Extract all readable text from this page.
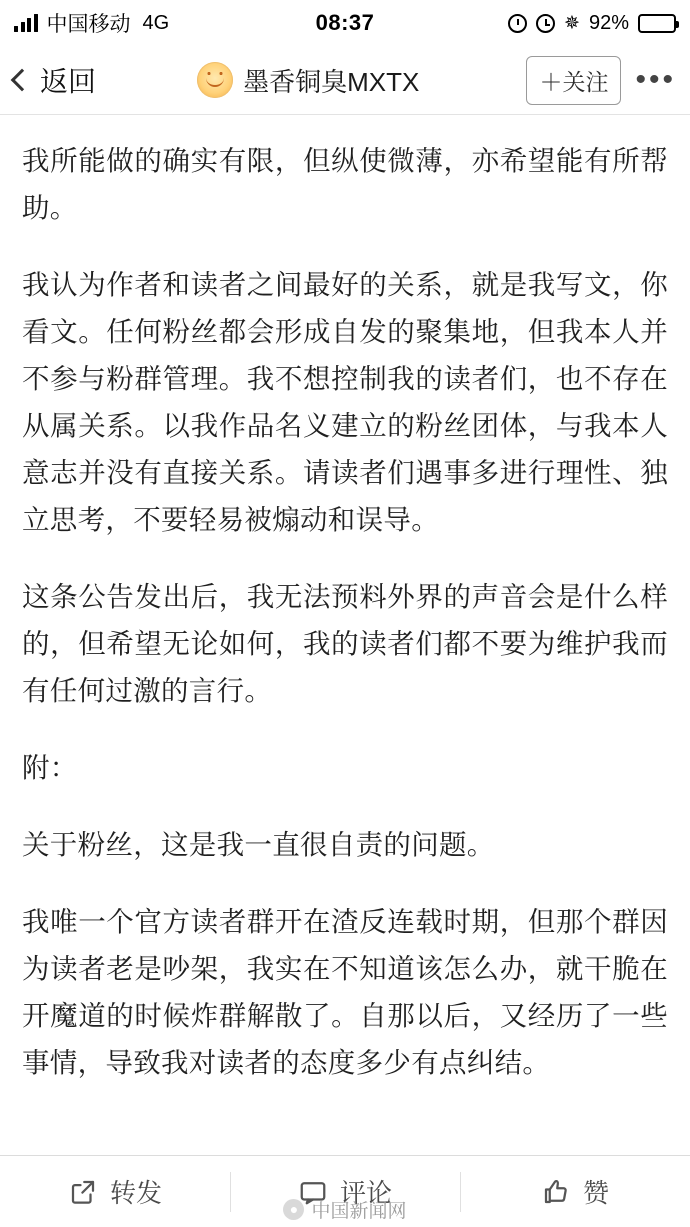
中国移动 4G	08:37	✵ 92%
返回	墨香铜臭MXTX	＋关注 •••

我所能做的确实有限，但纵使微薄，亦希望能有所帮助。

我认为作者和读者之间最好的关系，就是我写文，你看文。任何粉丝都会形成自发的聚集地，但我本人并不参与粉群管理。我不想控制我的读者们，也不存在从属关系。以我作品名义建立的粉丝团体，与我本人意志并没有直接关系。请读者们遇事多进行理性、独立思考，不要轻易被煽动和误导。

这条公告发出后，我无法预料外界的声音会是什么样的，但希望无论如何，我的读者们都不要为维护我而有任何过激的言行。

附：

关于粉丝，这是我一直很自责的问题。

我唯一个官方读者群开在渣反连载时期，但那个群因为读者老是吵架，我实在不知道该怎么办，就干脆在开魔道的时候炸群解散了。自那以后，又经历了一些事情，导致我对读者的态度多少有点纠结。

转发	评论	赞
● 中国新闻网
